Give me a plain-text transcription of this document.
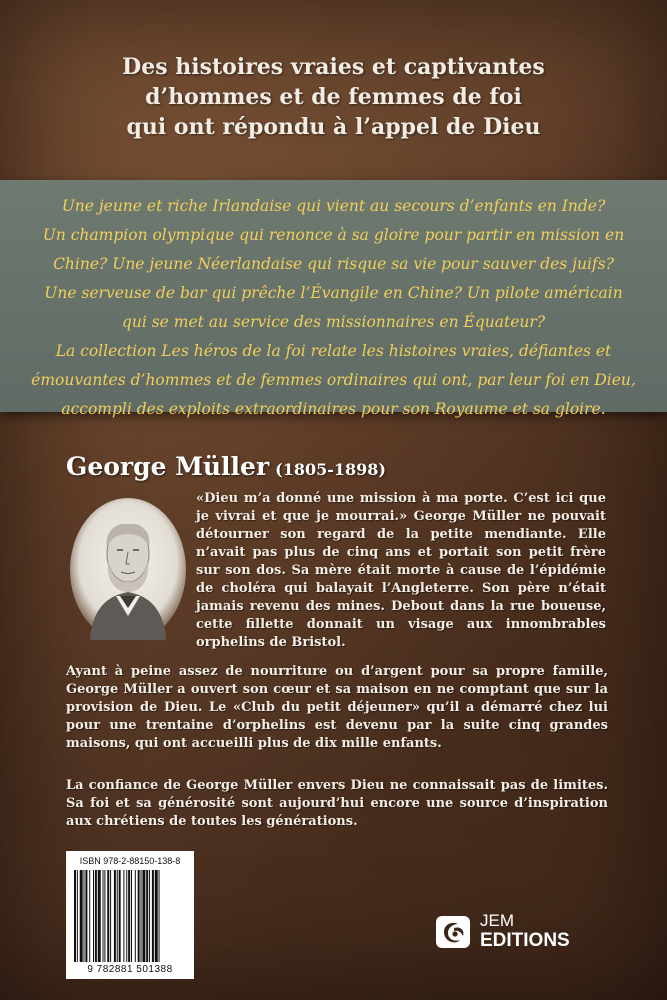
Des histoires vraies et captivantes
d’hommes et de femmes de foi
qui ont répondu à l’appel de Dieu
Une jeune et riche Irlandaise qui vient au secours d’enfants en Inde?
Un champion olympique qui renonce à sa gloire pour partir en mission en
Chine? Une jeune Néerlandaise qui risque sa vie pour sauver des juifs?
Une serveuse de bar qui prêche l’Évangile en Chine? Un pilote américain
qui se met au service des missionnaires en Équateur?
La collection Les héros de la foi relate les histoires vraies, défiantes et
émouvantes d’hommes et de femmes ordinaires qui ont, par leur foi en Dieu,
accompli des exploits extraordinaires pour son Royaume et sa gloire.
George Müller (1805-1898)
«Dieu m’a donné une mission à ma porte. C’est ici que je vivrai et que je mourrai.» George Müller ne pouvait détourner son regard de la petite mendiante. Elle n’avait pas plus de cinq ans et portait son petit frère sur son dos. Sa mère était morte à cause de l’épidémie de choléra qui balayait l’Angleterre. Son père n’était jamais revenu des mines. Debout dans la rue boueuse, cette fillette donnait un visage aux innombrables orphelins de Bristol.
Ayant à peine assez de nourriture ou d’argent pour sa propre famille, George Müller a ouvert son cœur et sa maison en ne comptant que sur la provision de Dieu. Le «Club du petit déjeuner» qu’il a démarré chez lui pour une trentaine d’orphelins est devenu par la suite cinq grandes maisons, qui ont accueilli plus de dix mille enfants.
La confiance de George Müller envers Dieu ne connaissait pas de limites. Sa foi et sa générosité sont aujourd’hui encore une source d’inspiration aux chrétiens de toutes les générations.
ISBN 978-2-88150-138-8
9 782881 501388
JEM
EDITIONS
